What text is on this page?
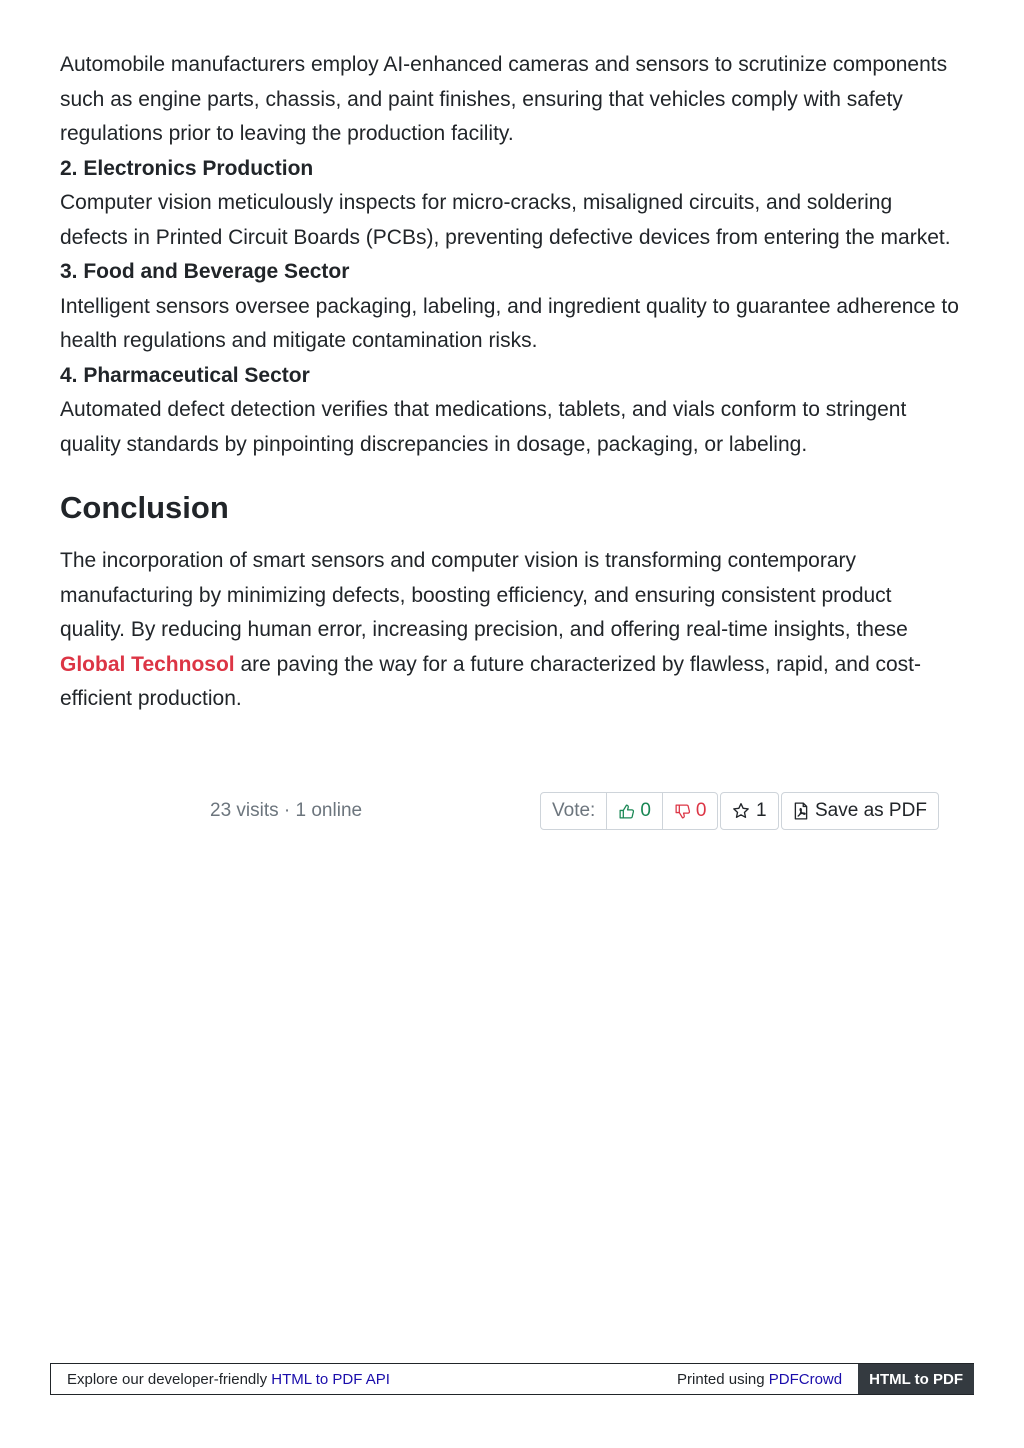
Automobile manufacturers employ AI-enhanced cameras and sensors to scrutinize components such as engine parts, chassis, and paint finishes, ensuring that vehicles comply with safety regulations prior to leaving the production facility.

2. Electronics Production

Computer vision meticulously inspects for micro-cracks, misaligned circuits, and soldering defects in Printed Circuit Boards (PCBs), preventing defective devices from entering the market.

3. Food and Beverage Sector

Intelligent sensors oversee packaging, labeling, and ingredient quality to guarantee adherence to health regulations and mitigate contamination risks.

4. Pharmaceutical Sector

Automated defect detection verifies that medications, tablets, and vials conform to stringent quality standards by pinpointing discrepancies in dosage, packaging, or labeling.

Conclusion

The incorporation of smart sensors and computer vision is transforming contemporary manufacturing by minimizing defects, boosting efficiency, and ensuring consistent product quality. By reducing human error, increasing precision, and offering real-time insights, these Global Technosol are paving the way for a future characterized by flawless, rapid, and cost-efficient production.

23 visits · 1 online	Vote:	0 0	1	Save as PDF
Explore our developer-friendly HTML to PDF API	Printed using PDFCrowd	HTML to PDF
